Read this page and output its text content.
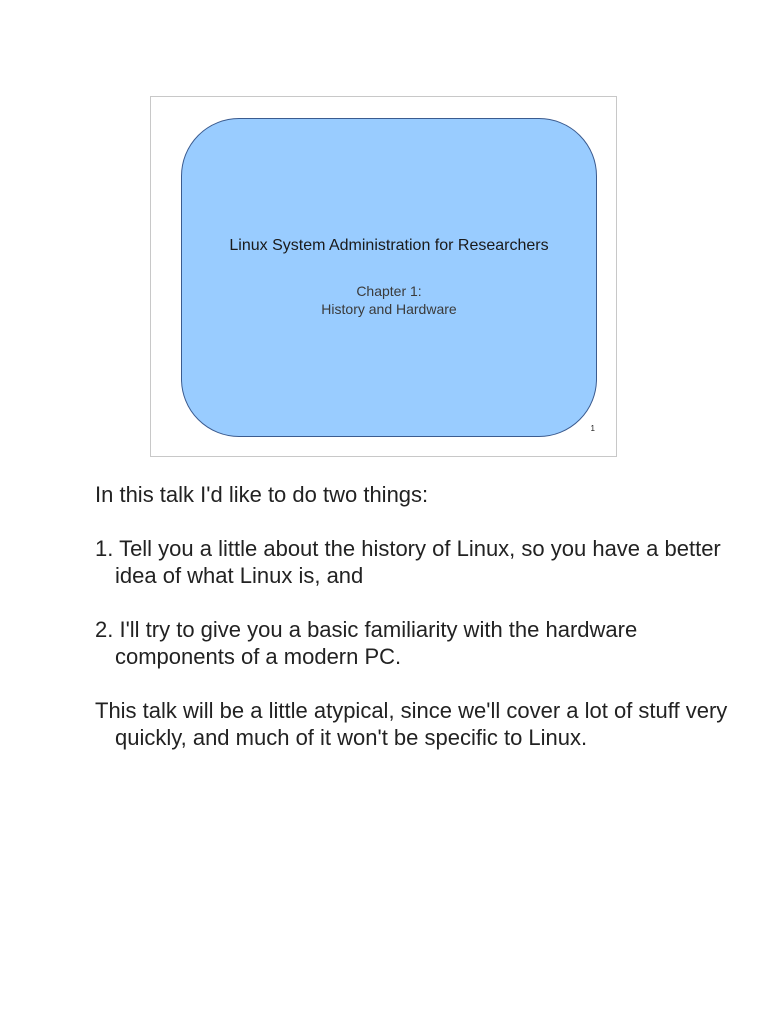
Linux System Administration for Researchers
Chapter 1:
History and Hardware
1

In this talk I'd like to do two things:

1. Tell you a little about the history of Linux, so you have a better idea of what Linux is, and

2. I'll try to give you a basic familiarity with the hardware components of a modern PC.

This talk will be a little atypical, since we'll cover a lot of stuff very quickly, and much of it won't be specific to Linux.
